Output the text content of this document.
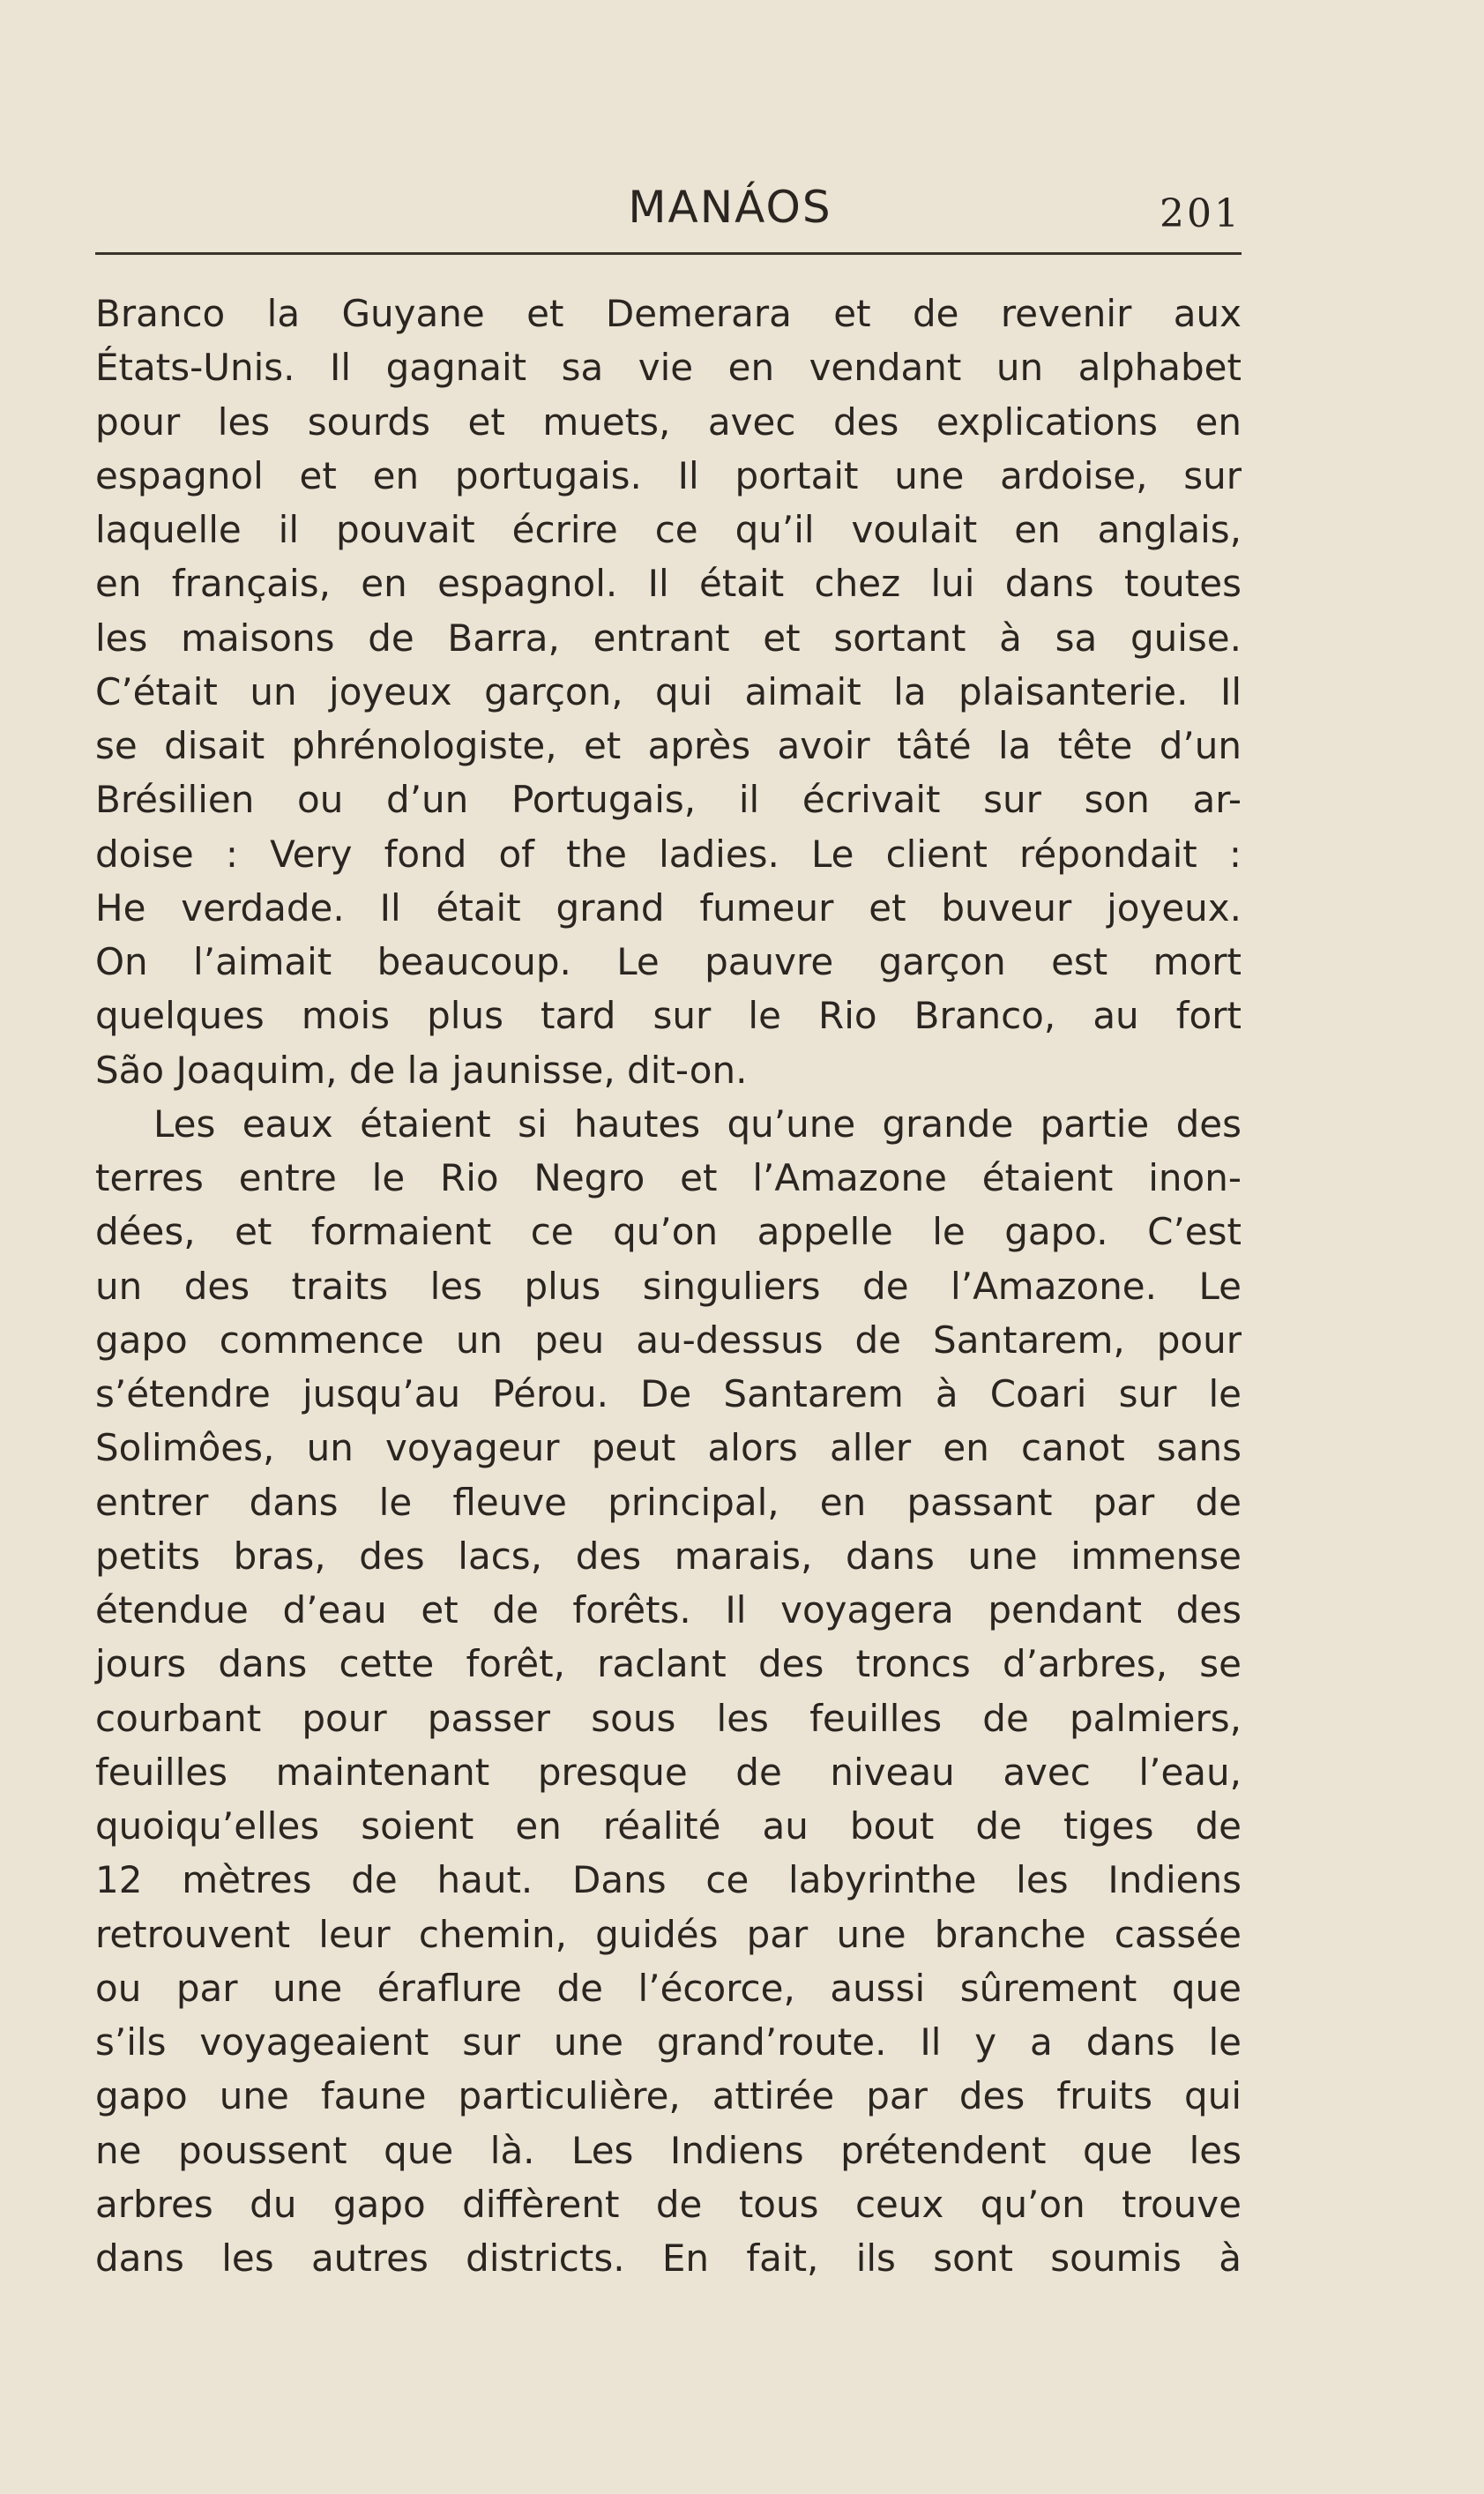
MANÁOS	201
Branco la Guyane et Demerara et de revenir aux
États-Unis. Il gagnait sa vie en vendant un alphabet
pour les sourds et muets, avec des explications en
espagnol et en portugais. Il portait une ardoise, sur
laquelle il pouvait écrire ce qu’il voulait en anglais,
en français, en espagnol. Il était chez lui dans toutes
les maisons de Barra, entrant et sortant à sa guise.
C’était un joyeux garçon, qui aimait la plaisanterie. Il
se disait phrénologiste, et après avoir tâté la tête d’un
Brésilien ou d’un Portugais, il écrivait sur son ar-
doise : Very fond of the ladies. Le client répondait :
He verdade. Il était grand fumeur et buveur joyeux.
On l’aimait beaucoup. Le pauvre garçon est mort
quelques mois plus tard sur le Rio Branco, au fort
São Joaquim, de la jaunisse, dit-on.
Les eaux étaient si hautes qu’une grande partie des
terres entre le Rio Negro et l’Amazone étaient inon-
dées, et formaient ce qu’on appelle le gapo. C’est
un des traits les plus singuliers de l’Amazone. Le
gapo commence un peu au-dessus de Santarem, pour
s’étendre jusqu’au Pérou. De Santarem à Coari sur le
Solimôes, un voyageur peut alors aller en canot sans
entrer dans le fleuve principal, en passant par de
petits bras, des lacs, des marais, dans une immense
étendue d’eau et de forêts. Il voyagera pendant des
jours dans cette forêt, raclant des troncs d’arbres, se
courbant pour passer sous les feuilles de palmiers,
feuilles maintenant presque de niveau avec l’eau,
quoiqu’elles soient en réalité au bout de tiges de
12 mètres de haut. Dans ce labyrinthe les Indiens
retrouvent leur chemin, guidés par une branche cassée
ou par une éraflure de l’écorce, aussi sûrement que
s’ils voyageaient sur une grand’route. Il y a dans le
gapo une faune particulière, attirée par des fruits qui
ne poussent que là. Les Indiens prétendent que les
arbres du gapo diffèrent de tous ceux qu’on trouve
dans les autres districts. En fait, ils sont soumis à
